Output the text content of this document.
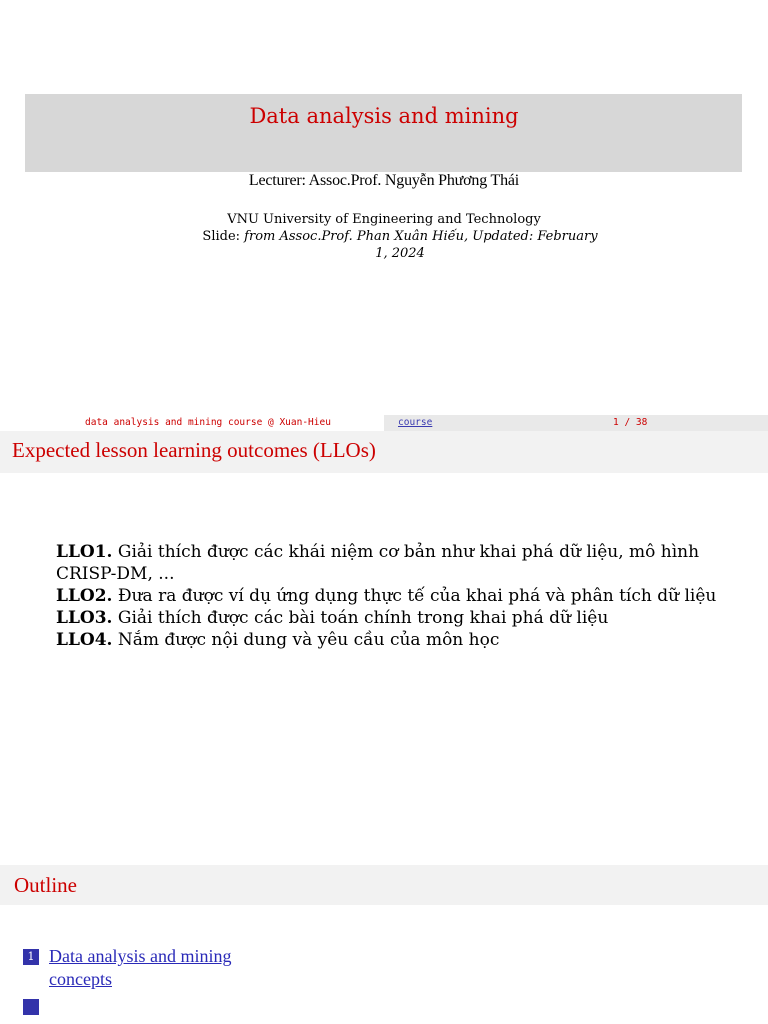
Data analysis and mining
Lecturer: Assoc.Prof. Nguyễn Phương Thái
VNU University of Engineering and Technology
Slide: from Assoc.Prof. Phan Xuân Hiếu, Updated: February
1, 2024
data analysis and mining course @ Xuan-Hieu	course	1 / 38
Expected lesson learning outcomes (LLOs)
LLO1. Giải thích được các khái niệm cơ bản như khai phá dữ liệu, mô hình CRISP-DM, ...
LLO2. Đưa ra được ví dụ ứng dụng thực tế của khai phá và phân tích dữ liệu
LLO3. Giải thích được các bài toán chính trong khai phá dữ liệu
LLO4. Nắm được nội dung và yêu cầu của môn học
Outline
1 Data analysis and mining
concepts
